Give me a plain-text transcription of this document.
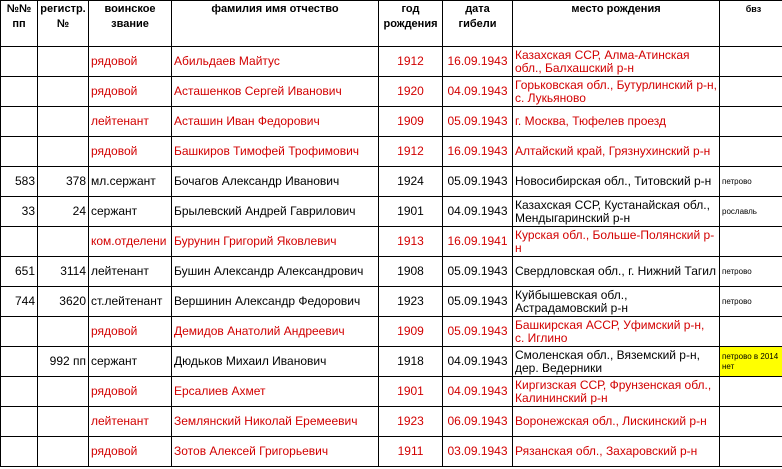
№№ пп	регистр. №	воинское звание	фамилия имя отчество	год рождения	дата гибели	место рождения	бвз
		рядовой	Абильдаев Майтус	1912	16.09.1943	Казахская ССР, Алма-Атинская обл., Балхашский р-н	
		рядовой	Асташенков Сергей Иванович	1920	04.09.1943	Горьковская обл., Бутурлинский р-н, с. Лукьяново	
		лейтенант	Асташин Иван Федорович	1909	05.09.1943	г. Москва, Тюфелев проезд	
		рядовой	Башкиров Тимофей Трофимович	1912	16.09.1943	Алтайский край, Грязнухинский р-н	
583	378	мл.сержант	Бочагов Александр Иванович	1924	05.09.1943	Новосибирская обл., Титовский р-н	петрово
33	24	сержант	Брылевский Андрей Гаврилович	1901	04.09.1943	Казахская ССР, Кустанайская обл., Мендыгаринский р-н	рославль
		ком.отделени	Бурунин Григорий Яковлевич	1913	16.09.1941	Курская обл., Больше-Полянский р-н	
651	3114	лейтенант	Бушин Александр Александрович	1908	05.09.1943	Свердловская обл., г. Нижний Тагил	петрово
744	3620	ст.лейтенант	Вершинин Александр Федорович	1923	05.09.1943	Куйбышевская обл., Астрадамовский р-н	петрово
		рядовой	Демидов Анатолий Андреевич	1909	05.09.1943	Башкирская АССР, Уфимский р-н, с. Иглино	
	992 пп	сержант	Дюдьков Михаил Иванович	1918	04.09.1943	Смоленская обл., Вяземский р-н, дер. Ведерники	петрово в 2014 нет
		рядовой	Ерсалиев Ахмет	1901	04.09.1943	Киргизская ССР, Фрунзенская обл., Калининский р-н	
		лейтенант	Землянский Николай Еремеевич	1923	06.09.1943	Воронежская обл., Лискинский р-н	
		рядовой	Зотов Алексей Григорьевич	1911	03.09.1943	Рязанская обл., Захаровский р-н	
